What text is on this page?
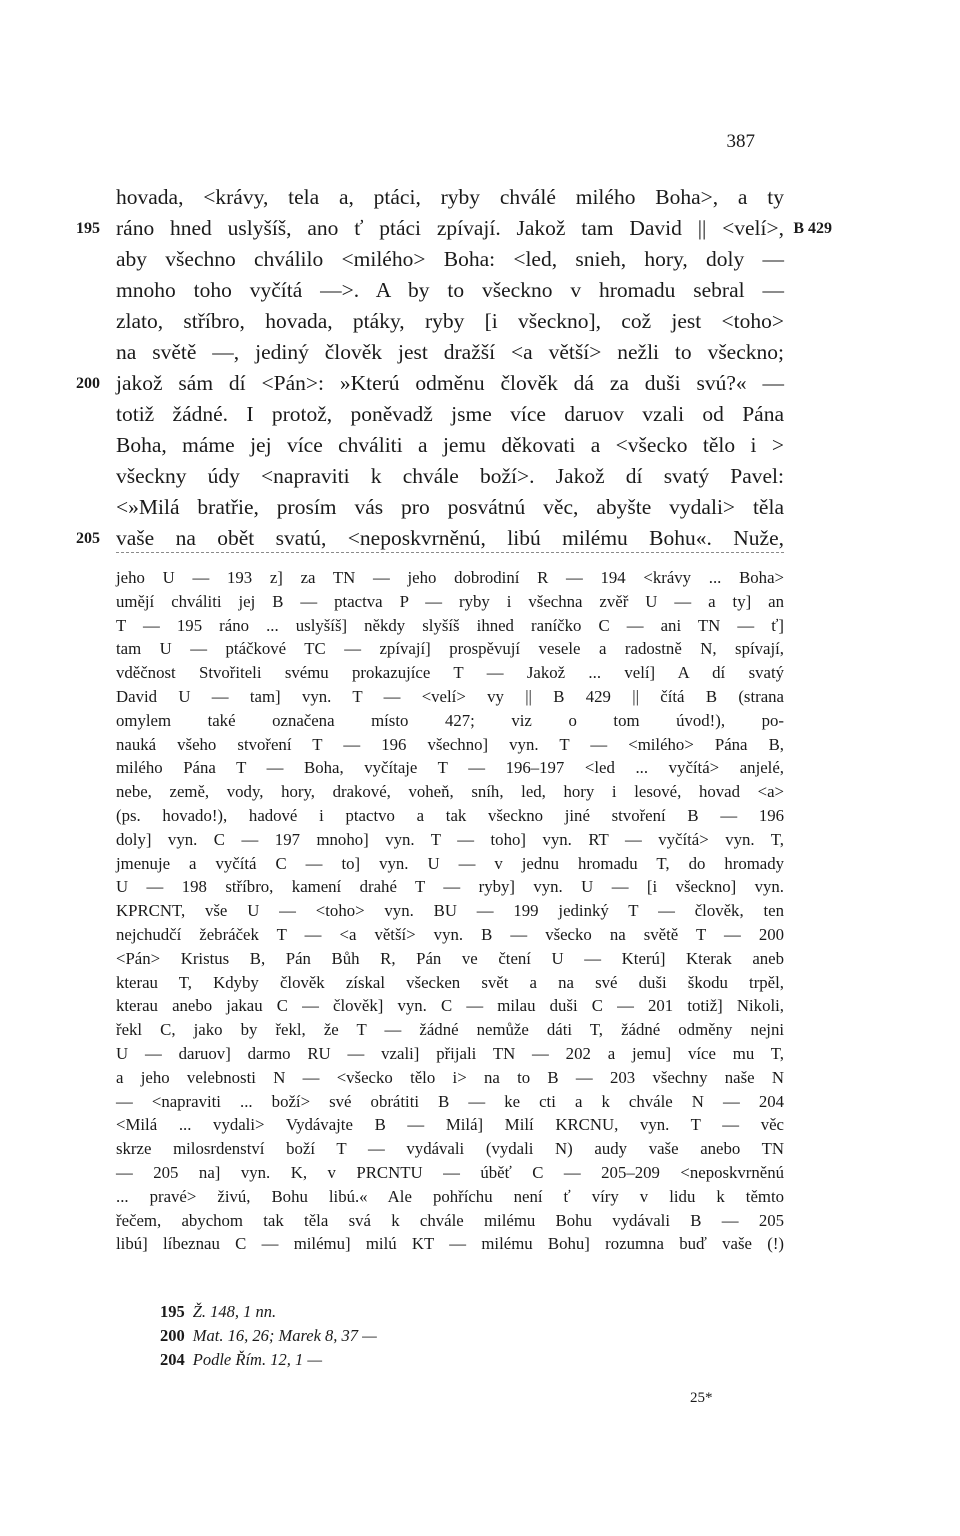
387
hovada, <krávy, tela a, ptáci, ryby chválé milého Boha>, a ty
ráno hned uslyšíš, ano ť ptáci zpívají. Jakož tam David || <velí>,
195	B 429
aby všechno chválilo <milého> Boha: <led, snieh, hory, doly —
mnoho toho vyčítá —>. A by to všeckno v hromadu sebral —
zlato, stříbro, hovada, ptáky, ryby [i všeckno], což jest <toho>
na světě —, jediný člověk jest dražší <a větší> nežli to všeckno;
jakož sám dí <Pán>: »Kterú odměnu člověk dá za duši svú?« —
200
totiž žádné. I protož, poněvadž jsme více daruov vzali od Pána
Boha, máme jej více chváliti a jemu děkovati a <všecko tělo i >
všeckny údy <napraviti k chvále boží>. Jakož dí svatý Pavel:
<»Milá bratřie, prosím vás pro posvátnú věc, abyšte vydali> těla
vaše na obět svatú, <neposkvrněnú, libú milému Bohu«. Nuže,
205
jeho U — 193 z] za TN — jeho dobrodiní R — 194 <krávy ... Boha>
umějí chváliti jej B — ptactva P — ryby i všechna zvěř U — a ty] an
T — 195 ráno ... uslyšíš] někdy slyšíš ihned raníčko C — ani TN — ť]
tam U — ptáčkové TC — zpívají] prospěvují vesele a radostně N, spívají,
vděčnost Stvořiteli svému prokazujíce T — Jakož ... velí] A dí svatý
David U — tam] vyn. T — <velí> vy || B 429 || čítá B (strana
omylem také označena místo 427; viz o tom úvod!), po-
nauká všeho stvoření T — 196 všechno] vyn. T — <milého> Pána B,
milého Pána T — Boha, vyčítaje T — 196–197 <led ... vyčítá> anjelé,
nebe, země, vody, hory, drakové, voheň, sníh, led, hory i lesové, hovad <a>
(ps. hovado!), hadové i ptactvo a tak všeckno jiné stvoření B — 196
doly] vyn. C — 197 mnoho] vyn. T — toho] vyn. RT — vyčítá> vyn. T,
jmenuje a vyčítá C — to] vyn. U — v jednu hromadu T, do hromady
U — 198 stříbro, kamení drahé T — ryby] vyn. U — [i všeckno] vyn.
KPRCNT, vše U — <toho> vyn. BU — 199 jedinký T — člověk, ten
nejchudčí žebráček T — <a větší> vyn. B — všecko na světě T — 200
<Pán> Kristus B, Pán Bůh R, Pán ve čtení U — Kterú] Kterak aneb
kterau T, Kdyby člověk získal všecken svět a na své duši škodu trpěl,
kterau anebo jakau C — člověk] vyn. C — milau duši C — 201 totiž] Nikoli,
řekl C, jako by řekl, že T — žádné nemůže dáti T, žádné odměny nejni
U — daruov] darmo RU — vzali] přijali TN — 202 a jemu] více mu T,
a jeho velebnosti N — <všecko tělo i> na to B — 203 všechny naše N
— <napraviti ... boží> své obrátiti B — ke cti a k chvále N — 204
<Milá ... vydali> Vydávajte B — Milá] Milí KRCNU, vyn. T — věc
skrze milosrdenství boží T — vydávali (vydali N) audy vaše anebo TN
— 205 na] vyn. K, v PRCNTU — úběť C — 205–209 <neposkvrněnú
... pravé> živú, Bohu libú.« Ale pohříchu není ť víry v lidu k těmto
řečem, abychom tak těla svá k chvále milému Bohu vydávali B — 205
libú] líbeznau C — milému] milú KT — milému Bohu] rozumna buď vaše (!)
195 Ž. 148, 1 nn.
200 Mat. 16, 26; Marek 8, 37 —
204 Podle Řím. 12, 1 —
25*
